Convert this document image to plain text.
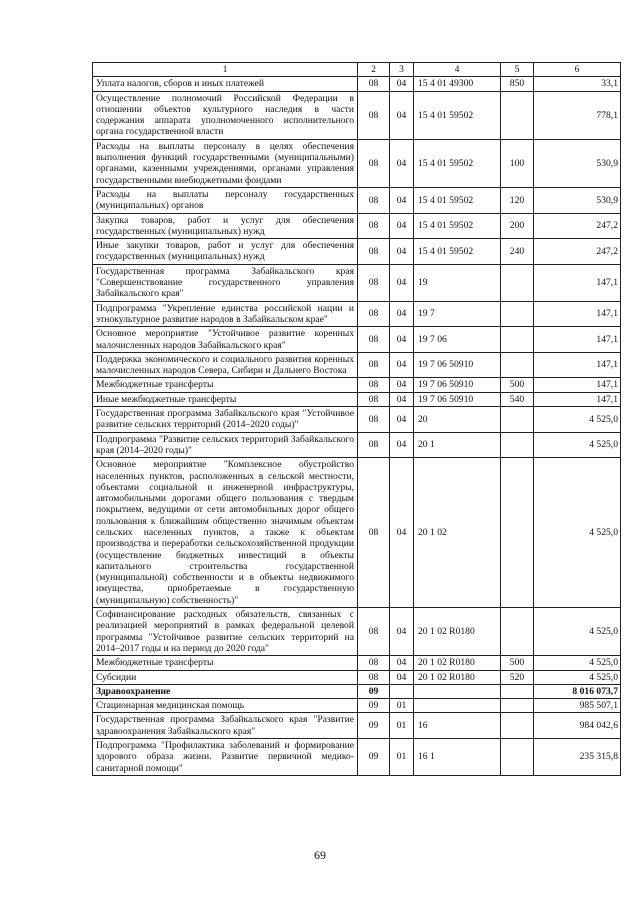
1	2	3	4	5	6
Уплата налогов, сборов и иных платежей	08	04	15 4 01 49300	850	33,1
Осуществление полномочий Российской Федерации в отношении объектов культурного наследия в части содержания аппарата уполномоченного исполнительного органа государственной власти	08	04	15 4 01 59502		778,1
Расходы на выплаты персоналу в целях обеспечения выполнения функций государственными (муниципальными) органами, казенными учреждениями, органами управления государственными внебюджетными фондами	08	04	15 4 01 59502	100	530,9
Расходы на выплаты персоналу государственных (муниципальных) органов	08	04	15 4 01 59502	120	530,9
Закупка товаров, работ и услуг для обеспечения государственных (муниципальных) нужд	08	04	15 4 01 59502	200	247,2
Иные закупки товаров, работ и услуг для обеспечения государственных (муниципальных) нужд	08	04	15 4 01 59502	240	247,2
Государственная программа Забайкальского края "Совершенствование государственного управления Забайкальского края"	08	04	19		147,1
Подпрограмма "Укрепление единства российской нации и этнокультурное развитие народов в Забайкальском крае"	08	04	19 7		147,1
Основное мероприятие "Устойчивое развитие коренных малочисленных народов Забайкальского края"	08	04	19 7 06		147,1
Поддержка экономического и социального развития коренных малочисленных народов Севера, Сибири и Дальнего Востока	08	04	19 7 06 50910		147,1
Межбюджетные трансферты	08	04	19 7 06 50910	500	147,1
Иные межбюджетные трансферты	08	04	19 7 06 50910	540	147,1
Государственная программа Забайкальского края "Устойчивое развитие сельских территорий (2014–2020 годы)"	08	04	20		4 525,0
Подпрограмма "Развитие сельских территорий Забайкальского края (2014–2020 годы)"	08	04	20 1		4 525,0
Основное мероприятие "Комплексное обустройство населенных пунктов, расположенных в сельской местности, объектами социальной и инженерной инфраструктуры, автомобильными дорогами общего пользования с твердым покрытием, ведущими от сети автомобильных дорог общего пользования к ближайшим общественно значимым объектам сельских населенных пунктов, а также к объектам производства и переработки сельскохозяйственной продукции (осуществление бюджетных инвестиций в объекты капитального строительства государственной (муниципальной) собственности и в объекты недвижимого имущества, приобретаемые в государственную (муниципальную) собственность)"	08	04	20 1 02		4 525,0
Софинансирование расходных обязательств, связанных с реализацией мероприятий в рамках федеральной целевой программы "Устойчивое развитие сельских территорий на 2014–2017 годы и на период до 2020 года"	08	04	20 1 02 R0180		4 525,0
Межбюджетные трансферты	08	04	20 1 02 R0180	500	4 525,0
Субсидии	08	04	20 1 02 R0180	520	4 525,0
Здравоохранение	09				8 016 073,7
Стационарная медицинская помощь	09	01			985 507,1
Государственная программа Забайкальского края "Развитие здравоохранения Забайкальского края"	09	01	16		984 042,6
Подпрограмма "Профилактика заболеваний и формирование здорового образа жизни. Развитие первичной медико-санитарной помощи"	09	01	16 1		235 315,8
69
